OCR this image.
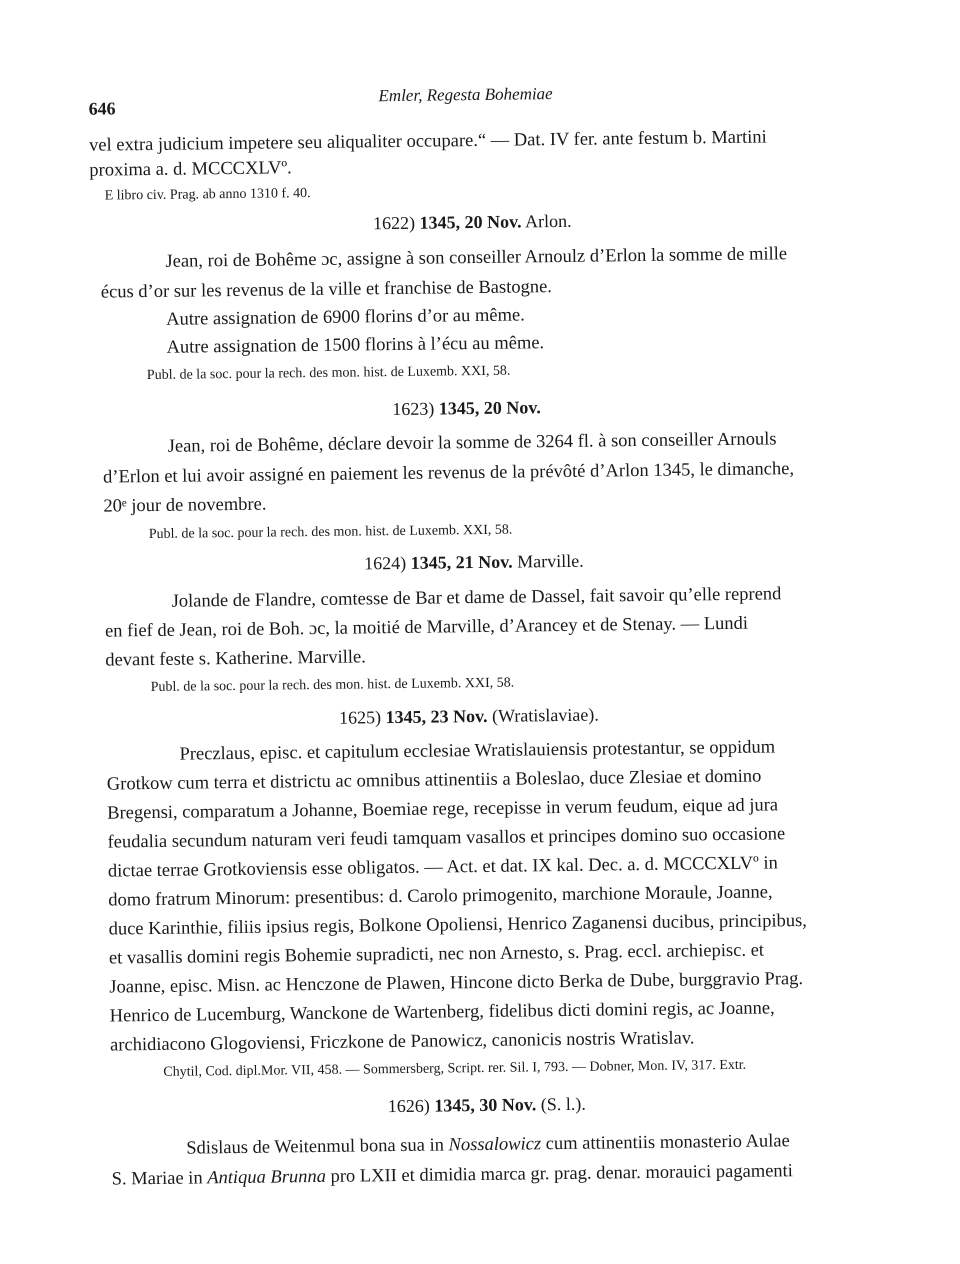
646
Emler, Regesta Bohemiae
vel extra judicium impetere seu aliqualiter occupare.“ — Dat. IV fer. ante festum b. Martini
proxima a. d. MCCCXLVº.
E libro civ. Prag. ab anno 1310 f. 40.
1622) 1345, 20 Nov. Arlon.
Jean, roi de Bohême ɔc, assigne à son conseiller Arnoulz d’Erlon la somme de mille
écus d’or sur les revenus de la ville et franchise de Bastogne.
Autre assignation de 6900 florins d’or au même.
Autre assignation de 1500 florins à l’écu au même.
Publ. de la soc. pour la rech. des mon. hist. de Luxemb. XXI, 58.
1623) 1345, 20 Nov.
Jean, roi de Bohême, déclare devoir la somme de 3264 fl. à son conseiller Arnouls
d’Erlon et lui avoir assigné en paiement les revenus de la prévôté d’Arlon 1345, le dimanche,
20ᵉ jour de novembre.
Publ. de la soc. pour la rech. des mon. hist. de Luxemb. XXI, 58.
1624) 1345, 21 Nov. Marville.
Jolande de Flandre, comtesse de Bar et dame de Dassel, fait savoir qu’elle reprend
en fief de Jean, roi de Boh. ɔc, la moitié de Marville, d’Arancey et de Stenay. — Lundi
devant feste s. Katherine. Marville.
Publ. de la soc. pour la rech. des mon. hist. de Luxemb. XXI, 58.
1625) 1345, 23 Nov. (Wratislaviae).
Preczlaus, episc. et capitulum ecclesiae Wratislauiensis protestantur, se oppidum
Grotkow cum terra et districtu ac omnibus attinentiis a Boleslao, duce Zlesiae et domino
Bregensi, comparatum a Johanne, Boemiae rege, recepisse in verum feudum, eique ad jura
feudalia secundum naturam veri feudi tamquam vasallos et principes domino suo occasione
dictae terrae Grotkoviensis esse obligatos. — Act. et dat. IX kal. Dec. a. d. MCCCXLVº in
domo fratrum Minorum: presentibus: d. Carolo primogenito, marchione Moraule, Joanne,
duce Karinthie, filiis ipsius regis, Bolkone Opoliensi, Henrico Zaganensi ducibus, principibus,
et vasallis domini regis Bohemie supradicti, nec non Arnesto, s. Prag. eccl. archiepisc. et
Joanne, episc. Misn. ac Henczone de Plawen, Hincone dicto Berka de Dube, burggravio Prag.
Henrico de Lucemburg, Wanckone de Wartenberg, fidelibus dicti domini regis, ac Joanne,
archidiacono Glogoviensi, Friczkone de Panowicz, canonicis nostris Wratislav.
Chytil, Cod. dipl.Mor. VII, 458. — Sommersberg, Script. rer. Sil. I, 793. — Dobner, Mon. IV, 317. Extr.
1626) 1345, 30 Nov. (S. l.).
Sdislaus de Weitenmul bona sua in Nossalowicz cum attinentiis monasterio Aulae
S. Mariae in Antiqua Brunna pro LXII et dimidia marca gr. prag. denar. morauici pagamenti
